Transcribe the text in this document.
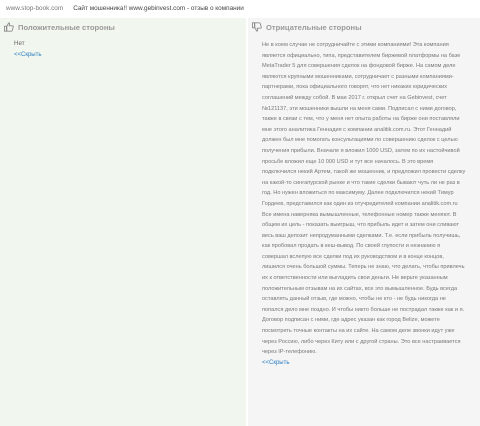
www.stop-book.com Сайт мошенника!! www.gebinvest.com - отзыв о компании
Положительные стороны
Нет
<<Скрыть
Отрицательные стороны
Не в коем случае не сотрудничайте с этими компаниями! Эта компания является официально, типа, представителем биржевой платформы на базе MetaTrader 5 для совершения сделок на фондовой бирже. На самом деле являются крупными мошенниками, сотрудничает с разными компаниями- партнерами, пока официального говорят, что нет никаких юридических соглашений между собой. В мае 2017 г. открыл счет на Gebinvest, счет №121137, эти мошенники вышли на меня сами. Подписал с ними договор, также в связи с тем, что у меня нет опыта работы на бирже они поставляли мне этого аналитика Геннадия с компании analitik.com.ru. Этот Геннадий должен был мне помогать консультациями по совершению сделок с целью получения прибыли. Вначале я вложил 1000 USD, затем по их настойчивой просьбе вложил еще 10 000 USD и тут все началось. В это время подключился некий Артем, такой же мошенник, и предложил провести сделку на какой-то сингапурской рынке и что такие сделки бывают чуть ли не раз в год. Но нужен вложиться по максимуму. Далее подключился некий Тимур Гордеев, представился как один из отучредителей компании analitik.com.ru Все имена наверняка вымышленные, телефонные номер также меняют. В общем их цель - показать выигрыш, что прибыль идет и затем они сливают весь ваш депозит непродуманными сделками. Т.е. если прибыль получишь, как пробовал продать в кеш-вывод. По своей глупости и незнанию я совершал вслепую все сделки под их руководством и в конце концов, лишился очень большой суммы. Теперь не знаю, что делать, чтобы привлечь их к ответственности или выгладить свои деньги. Не верьте указанным положительным отзывам на их сайтах, все это вымышленное. Будь всегда оставлять данный отзыв, где можно, чтобы не кто - не будь никогда не попался дело мне поздно. И чтобы никто больше не пострадал также как и я. Договор подписан с ними, где адрес указан как город Belize, можете посмотреть точные контакты на их сайте. На самом деле звонки идут уже через Россию, либо через Киту или с другой страны. Это все настраивается через IP-телефонию.
<<Скрыть
